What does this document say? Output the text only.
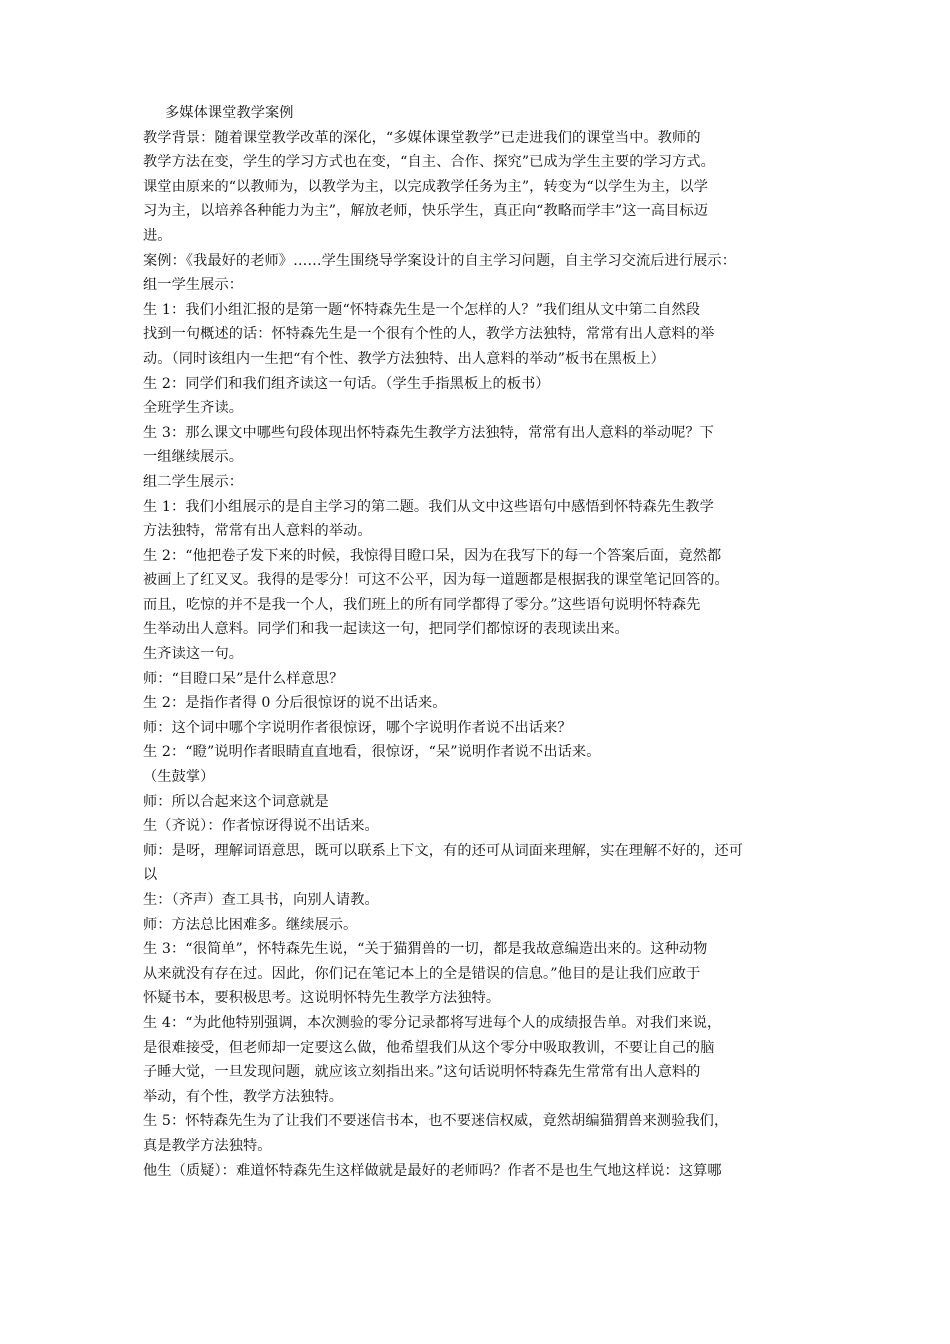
多媒体课堂教学案例
教学背景：随着课堂教学改革的深化，“多媒体课堂教学”已走进我们的课堂当中。教师的
教学方法在变，学生的学习方式也在变，“自主、合作、探究”已成为学生主要的学习方式。
课堂由原来的“以教师为，以教学为主，以完成教学任务为主”，转变为“以学生为主，以学
习为主，以培养各种能力为主”，解放老师，快乐学生，真正向“教略而学丰”这一高目标迈
进。
案例：《我最好的老师》……学生围绕导学案设计的自主学习问题，自主学习交流后进行展示：
组一学生展示：
生 1：我们小组汇报的是第一题“怀特森先生是一个怎样的人？”我们组从文中第二自然段
找到一句概述的话：怀特森先生是一个很有个性的人，教学方法独特，常常有出人意料的举
动。（同时该组内一生把“有个性、教学方法独特、出人意料的举动”板书在黑板上）
生 2：同学们和我们组齐读这一句话。（学生手指黑板上的板书）
全班学生齐读。
生 3：那么课文中哪些句段体现出怀特森先生教学方法独特，常常有出人意料的举动呢？下
一组继续展示。
组二学生展示：
生 1：我们小组展示的是自主学习的第二题。我们从文中这些语句中感悟到怀特森先生教学
方法独特，常常有出人意料的举动。
生 2：“他把卷子发下来的时候，我惊得目瞪口呆，因为在我写下的每一个答案后面，竟然都
被画上了红叉叉。我得的是零分！可这不公平，因为每一道题都是根据我的课堂笔记回答的。
而且，吃惊的并不是我一个人，我们班上的所有同学都得了零分。”这些语句说明怀特森先
生举动出人意料。同学们和我一起读这一句，把同学们都惊讶的表现读出来。
生齐读这一句。
师：“目瞪口呆”是什么样意思？
生 2：是指作者得 0 分后很惊讶的说不出话来。
师：这个词中哪个字说明作者很惊讶，哪个字说明作者说不出话来？
生 2：“瞪”说明作者眼睛直直地看，很惊讶，“呆”说明作者说不出话来。
（生鼓掌）
师：所以合起来这个词意就是
生（齐说）：作者惊讶得说不出话来。
师：是呀，理解词语意思，既可以联系上下文，有的还可从词面来理解，实在理解不好的，还可
以
生：（齐声）查工具书，向别人请教。
师：方法总比困难多。继续展示。
生 3：“很简单”，怀特森先生说，“关于猫猬兽的一切，都是我故意编造出来的。这种动物
从来就没有存在过。因此，你们记在笔记本上的全是错误的信息。”他目的是让我们应敢于
怀疑书本，要积极思考。这说明怀特先生教学方法独特。
生 4：“为此他特别强调，本次测验的零分记录都将写进每个人的成绩报告单。对我们来说，
是很难接受，但老师却一定要这么做，他希望我们从这个零分中吸取教训，不要让自己的脑
子睡大觉，一旦发现问题，就应该立刻指出来。”这句话说明怀特森先生常常有出人意料的
举动，有个性，教学方法独特。
生 5：怀特森先生为了让我们不要迷信书本，也不要迷信权威，竟然胡编猫猬兽来测验我们，
真是教学方法独特。
他生（质疑）：难道怀特森先生这样做就是最好的老师吗？作者不是也生气地这样说：这算哪
